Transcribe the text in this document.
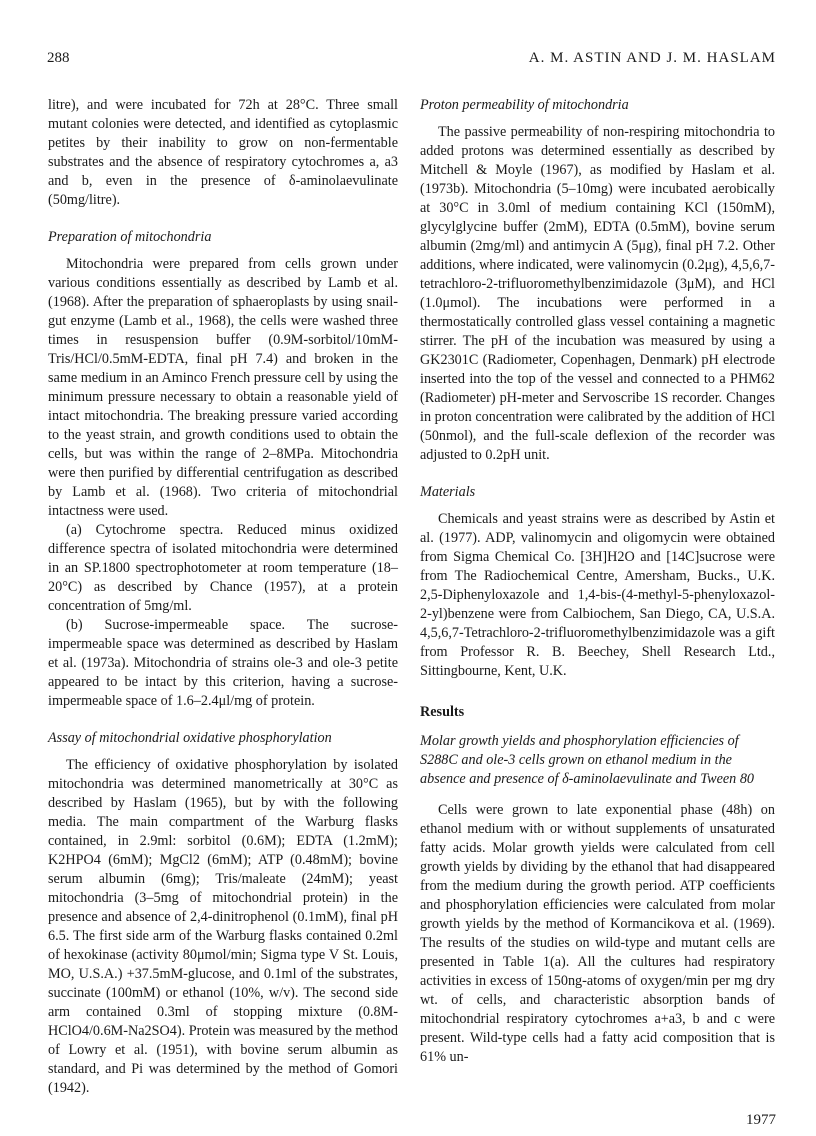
288	A. M. ASTIN AND J. M. HASLAM

litre), and were incubated for 72h at 28°C. Three small mutant colonies were detected, and identified as cytoplasmic petites by their inability to grow on non-fermentable substrates and the absence of respiratory cytochromes a, a3 and b, even in the presence of δ-aminolaevulinate (50mg/litre).

Preparation of mitochondria

Mitochondria were prepared from cells grown under various conditions essentially as described by Lamb et al. (1968). After the preparation of sphaeroplasts by using snail-gut enzyme (Lamb et al., 1968), the cells were washed three times in resuspension buffer (0.9M-sorbitol/10mM-Tris/HCl/0.5mM-EDTA, final pH 7.4) and broken in the same medium in an Aminco French pressure cell by using the minimum pressure necessary to obtain a reasonable yield of intact mitochondria. The breaking pressure varied according to the yeast strain, and growth conditions used to obtain the cells, but was within the range of 2–8MPa. Mitochondria were then purified by differential centrifugation as described by Lamb et al. (1968). Two criteria of mitochondrial intactness were used.

(a) Cytochrome spectra. Reduced minus oxidized difference spectra of isolated mitochondria were determined in an SP.1800 spectrophotometer at room temperature (18–20°C) as described by Chance (1957), at a protein concentration of 5mg/ml.

(b) Sucrose-impermeable space. The sucrose-impermeable space was determined as described by Haslam et al. (1973a). Mitochondria of strains ole-3 and ole-3 petite appeared to be intact by this criterion, having a sucrose-impermeable space of 1.6–2.4μl/mg of protein.

Assay of mitochondrial oxidative phosphorylation

The efficiency of oxidative phosphorylation by isolated mitochondria was determined manometrically at 30°C as described by Haslam (1965), but by with the following media. The main compartment of the Warburg flasks contained, in 2.9ml: sorbitol (0.6M); EDTA (1.2mM); K2HPO4 (6mM); MgCl2 (6mM); ATP (0.48mM); bovine serum albumin (6mg); Tris/maleate (24mM); yeast mitochondria (3–5mg of mitochondrial protein) in the presence and absence of 2,4-dinitrophenol (0.1mM), final pH 6.5. The first side arm of the Warburg flasks contained 0.2ml of hexokinase (activity 80μmol/min; Sigma type V St. Louis, MO, U.S.A.) +37.5mM-glucose, and 0.1ml of the substrates, succinate (100mM) or ethanol (10%, w/v). The second side arm contained 0.3ml of stopping mixture (0.8M-HClO4/0.6M-Na2SO4). Protein was measured by the method of Lowry et al. (1951), with bovine serum albumin as standard, and Pi was determined by the method of Gomori (1942).

Proton permeability of mitochondria

The passive permeability of non-respiring mitochondria to added protons was determined essentially as described by Mitchell & Moyle (1967), as modified by Haslam et al. (1973b). Mitochondria (5–10mg) were incubated aerobically at 30°C in 3.0ml of medium containing KCl (150mM), glycylglycine buffer (2mM), EDTA (0.5mM), bovine serum albumin (2mg/ml) and antimycin A (5μg), final pH 7.2. Other additions, where indicated, were valinomycin (0.2μg), 4,5,6,7-tetrachloro-2-trifluoromethylbenzimidazole (3μM), and HCl (1.0μmol). The incubations were performed in a thermostatically controlled glass vessel containing a magnetic stirrer. The pH of the incubation was measured by using a GK2301C (Radiometer, Copenhagen, Denmark) pH electrode inserted into the top of the vessel and connected to a PHM62 (Radiometer) pH-meter and Servoscribe 1S recorder. Changes in proton concentration were calibrated by the addition of HCl (50nmol), and the full-scale deflexion of the recorder was adjusted to 0.2pH unit.

Materials

Chemicals and yeast strains were as described by Astin et al. (1977). ADP, valinomycin and oligomycin were obtained from Sigma Chemical Co. [3H]H2O and [14C]sucrose were from The Radiochemical Centre, Amersham, Bucks., U.K. 2,5-Diphenyloxazole and 1,4-bis-(4-methyl-5-phenyloxazol-2-yl)benzene were from Calbiochem, San Diego, CA, U.S.A. 4,5,6,7-Tetrachloro-2-trifluoromethylbenzimidazole was a gift from Professor R. B. Beechey, Shell Research Ltd., Sittingbourne, Kent, U.K.

Results
Molar growth yields and phosphorylation efficiencies of S288C and ole-3 cells grown on ethanol medium in the absence and presence of δ-aminolaevulinate and Tween 80

Cells were grown to late exponential phase (48h) on ethanol medium with or without supplements of unsaturated fatty acids. Molar growth yields were calculated from cell growth yields by dividing by the ethanol that had disappeared from the medium during the growth period. ATP coefficients and phosphorylation efficiencies were calculated from molar growth yields by the method of Kormancikova et al. (1969). The results of the studies on wild-type and mutant cells are presented in Table 1(a). All the cultures had respiratory activities in excess of 150ng-atoms of oxygen/min per mg dry wt. of cells, and characteristic absorption bands of mitochondrial respiratory cytochromes a+a3, b and c were present. Wild-type cells had a fatty acid composition that is 61% un-

1977
